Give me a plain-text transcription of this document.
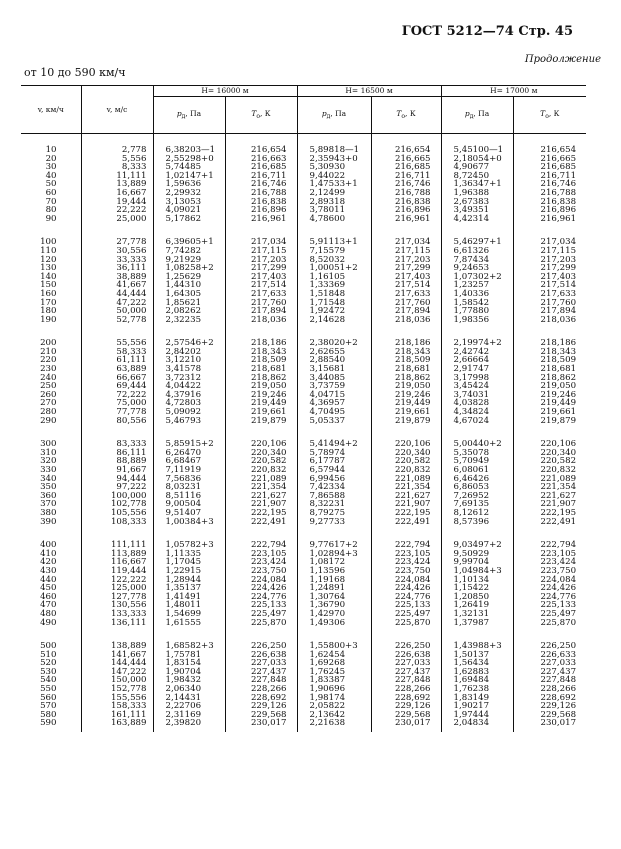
ГОСТ 5212—74 Стр. 45
Продолжение
от 10 до 590 км/ч
v, км/ч	v, м/с	H= 16000 м		H= 16500 м		H= 17000 м	
		$p_д$, Па	$T_о$, К	$p_д$, Па	$T_о$, К	$p_д$, Па	$T_о$, К

10	2,778	6,38203—1	216,654	5,89818—1	216,654	5,45100—1	216,654
20	5,556	2,55298+0	216,663	2,35943+0	216,665	2,18054+0	216,665
30	8,333	5,74485	216,685	5,30930	216,685	4,90677	216,685
40	11,111	1,02147+1	216,711	9,44022	216,711	8,72450	216,711
50	13,889	1,59636	216,746	1,47533+1	216,746	1,36347+1	216,746
60	16,667	2,29932	216,788	2,12499	216,788	1,96388	216,788
70	19,444	3,13053	216,838	2,89318	216,838	2,67383	216,838
80	22,222	4,09021	216,896	3,78011	216,896	3,49351	216,896
90	25,000	5,17862	216,961	4,78600	216,961	4,42314	216,961

100	27,778	6,39605+1	217,034	5,91113+1	217,034	5,46297+1	217,034
110	30,556	7,74282	217,115	7,15579	217,115	6,61326	217,115
120	33,333	9,21929	217,203	8,52032	217,203	7,87434	217,203
130	36,111	1,08258+2	217,299	1,00051+2	217,299	9,24653	217,299
140	38,889	1,25629	217,403	1,16105	217,403	1,07302+2	217,403
150	41,667	1,44310	217,514	1,33369	217,514	1,23257	217,514
160	44,444	1,64305	217,633	1,51848	217,633	1,40336	217,633
170	47,222	1,85621	217,760	1,71548	217,760	1,58542	217,760
180	50,000	2,08262	217,894	1,92472	217,894	1,77880	217,894
190	52,778	2,32235	218,036	2,14628	218,036	1,98356	218,036

200	55,556	2,57546+2	218,186	2,38020+2	218,186	2,19974+2	218,186
210	58,333	2,84202	218,343	2,62655	218,343	2,42742	218,343
220	61,111	3,12210	218,509	2,88540	218,509	2,66664	218,509
230	63,889	3,41578	218,681	3,15681	218,681	2,91747	218,681
240	66,667	3,72312	218,862	3,44085	218,862	3,17998	218,862
250	69,444	4,04422	219,050	3,73759	219,050	3,45424	219,050
260	72,222	4,37916	219,246	4,04715	219,246	3,74031	219,246
270	75,000	4,72803	219,449	4,36957	219,449	4,03828	219,449
280	77,778	5,09092	219,661	4,70495	219,661	4,34824	219,661
290	80,556	5,46793	219,879	5,05337	219,879	4,67024	219,879

300	83,333	5,85915+2	220,106	5,41494+2	220,106	5,00440+2	220,106
310	86,111	6,26470	220,340	5,78974	220,340	5,35078	220,340
320	88,889	6,68467	220,582	6,17787	220,582	5,70949	220,582
330	91,667	7,11919	220,832	6,57944	220,832	6,08061	220,832
340	94,444	7,56836	221,089	6,99456	221,089	6,46426	221,089
350	97,222	8,03231	221,354	7,42334	221,354	6,86053	221,354
360	100,000	8,51116	221,627	7,86588	221,627	7,26952	221,627
370	102,778	9,00504	221,907	8,32231	221,907	7,69135	221,907
380	105,556	9,51407	222,195	8,79275	222,195	8,12612	222,195
390	108,333	1,00384+3	222,491	9,27733	222,491	8,57396	222,491

400	111,111	1,05782+3	222,794	9,77617+2	222,794	9,03497+2	222,794
410	113,889	1,11335	223,105	1,02894+3	223,105	9,50929	223,105
420	116,667	1,17045	223,424	1,08172	223,424	9,99704	223,424
430	119,444	1,22915	223,750	1,13596	223,750	1,04984+3	223,750
440	122,222	1,28944	224,084	1,19168	224,084	1,10134	224,084
450	125,000	1,35137	224,426	1,24891	224,426	1,15422	224,426
460	127,778	1,41491	224,776	1,30764	224,776	1,20850	224,776
470	130,556	1,48011	225,133	1,36790	225,133	1,26419	225,133
480	133,333	1,54699	225,497	1,42970	225,497	1,32131	225,497
490	136,111	1,61555	225,870	1,49306	225,870	1,37987	225,870

500	138,889	1,68582+3	226,250	1,55800+3	226,250	1,43988+3	226,250
510	141,667	1,75781	226,638	1,62454	226,638	1,50137	226,633
520	144,444	1,83154	227,033	1,69268	227,033	1,56434	227,033
530	147,222	1,90704	227,437	1,76245	227,437	1,62883	227,437
540	150,000	1,98432	227,848	1,83387	227,848	1,69484	227,848
550	152,778	2,06340	228,266	1,90696	228,266	1,76238	228,266
560	155,556	2,14431	228,692	1,98174	228,692	1,83149	228,692
570	158,333	2,22706	229,126	2,05822	229,126	1,90217	229,126
580	161,111	2,31169	229,568	2,13642	229,568	1,97444	229,568
590	163,889	2,39820	230,017	2,21638	230,017	2,04834	230,017
